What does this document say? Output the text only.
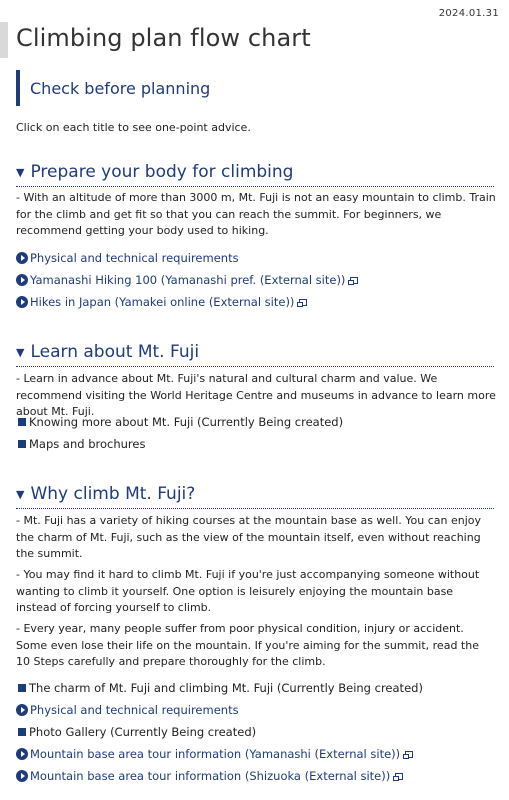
2024.01.31
Climbing plan flow chart
Check before planning
Click on each title to see one-point advice.
▼ Prepare your body for climbing
- With an altitude of more than 3000 m, Mt. Fuji is not an easy mountain to climb. Train for the climb and get fit so that you can reach the summit. For beginners, we recommend getting your body used to hiking.
Physical and technical requirements
Yamanashi Hiking 100 (Yamanashi pref. (External site))
Hikes in Japan (Yamakei online (External site))
▼ Learn about Mt. Fuji
- Learn in advance about Mt. Fuji's natural and cultural charm and value. We recommend visiting the World Heritage Centre and museums in advance to learn more about Mt. Fuji.
Knowing more about Mt. Fuji (Currently Being created)
Maps and brochures
▼ Why climb Mt. Fuji?
- Mt. Fuji has a variety of hiking courses at the mountain base as well. You can enjoy the charm of Mt. Fuji, such as the view of the mountain itself, even without reaching the summit.
- You may find it hard to climb Mt. Fuji if you're just accompanying someone without wanting to climb it yourself. One option is leisurely enjoying the mountain base instead of forcing yourself to climb.
- Every year, many people suffer from poor physical condition, injury or accident. Some even lose their life on the mountain. If you're aiming for the summit, read the 10 Steps carefully and prepare thoroughly for the climb.
The charm of Mt. Fuji and climbing Mt. Fuji (Currently Being created)
Physical and technical requirements
Photo Gallery (Currently Being created)
Mountain base area tour information (Yamanashi (External site))
Mountain base area tour information (Shizuoka (External site))
